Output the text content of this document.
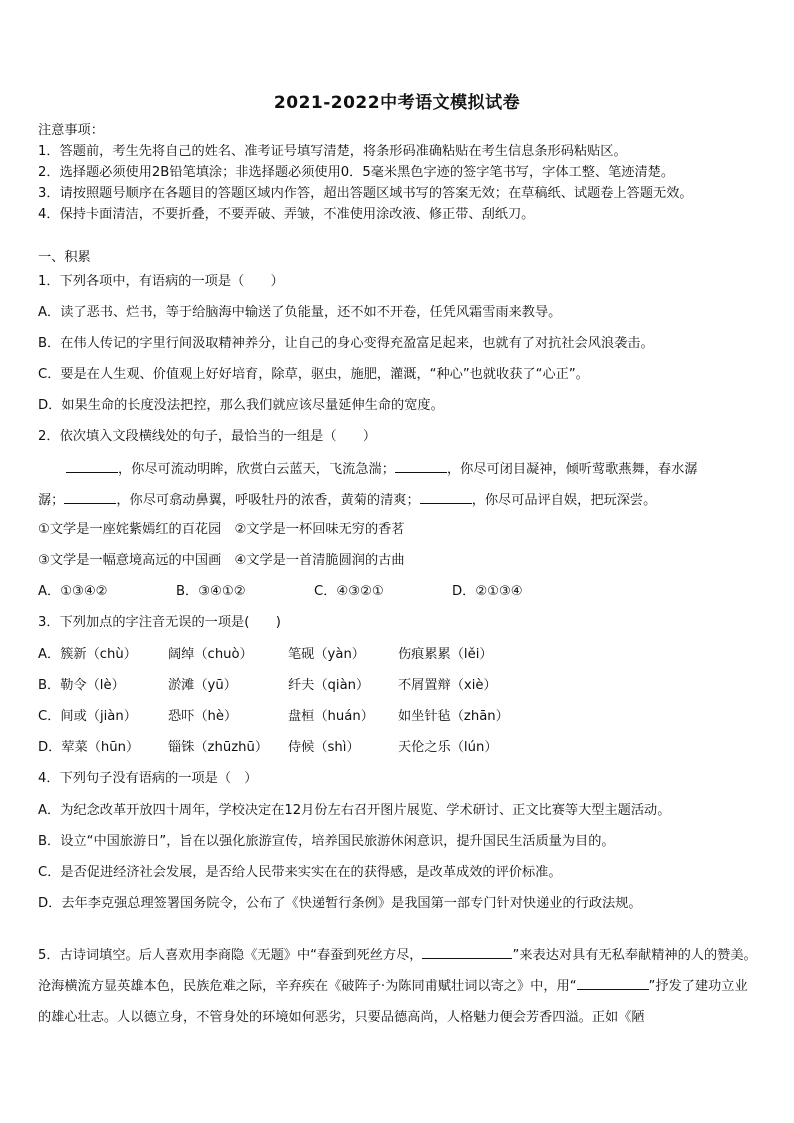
2021-2022中考语文模拟试卷
注意事项：
1．答题前，考生先将自己的姓名、准考证号填写清楚，将条形码准确粘贴在考生信息条形码粘贴区。
2．选择题必须使用2B铅笔填涂；非选择题必须使用0．5毫米黑色字迹的签字笔书写，字体工整、笔迹清楚。
3．请按照题号顺序在各题目的答题区域内作答，超出答题区域书写的答案无效；在草稿纸、试题卷上答题无效。
4．保持卡面清洁，不要折叠，不要弄破、弄皱，不准使用涂改液、修正带、刮纸刀。
一、积累
1．下列各项中，有语病的一项是（　　）
A．读了恶书、烂书，等于给脑海中输送了负能量，还不如不开卷，任凭风霜雪雨来教导。
B．在伟人传记的字里行间汲取精神养分，让自己的身心变得充盈富足起来，也就有了对抗社会风浪袭击。
C．要是在人生观、价值观上好好培育，除草，驱虫，施肥，灌溉，“种心”也就收获了“心正”。
D．如果生命的长度没法把控，那么我们就应该尽量延伸生命的宽度。
2．依次填入文段横线处的句子，最恰当的一组是（　　）
，你尽可流动明眸，欣赏白云蓝天，飞流急湍；	，你尽可闭目凝神，倾听莺歌燕舞，春水潺
潺；	，你尽可翕动鼻翼，呼吸牡丹的浓香，黄菊的清爽；	，你尽可品评自娱，把玩深尝。
①文学是一座姹紫嫣红的百花园　②文学是一杯回味无穷的香茗
③文学是一幅意境高远的中国画　④文学是一首清脆圆润的古曲
A．①③④②	B．③④①②	C．④③②①	D．②①③④
3．下列加点的字注音无误的一项是(　　)
A．簇新（chù） 阔绰（chuò）	笔砚（yàn）	伤痕累累（lěi）
B．勒令（lè）	淤滩（yū）	纤夫（qiàn） 不屑置辩（xiè）
C．间或（jiàn） 恐吓（hè）	盘桓（huán） 如坐针毡（zhān）
D．荤菜（hūn） 锱铢（zhūzhū） 侍候（shì）	天伦之乐（lún）
4．下列句子没有语病的一项是（　）
A．为纪念改革开放四十周年，学校决定在12月份左右召开图片展览、学术研讨、正文比赛等大型主题活动。
B．设立“中国旅游日”，旨在以强化旅游宣传，培养国民旅游休闲意识，提升国民生活质量为目的。
C．是否促进经济社会发展，是否给人民带来实实在在的获得感，是改革成效的评价标准。
D．去年李克强总理签署国务院令，公布了《快递暂行条例》是我国第一部专门针对快递业的行政法规。
5．古诗词填空。后人喜欢用李商隐《无题》中“春蚕到死丝方尽，	”来表达对具有无私奉献精神的人的赞美。沧海横流方显英雄本色，民族危难之际，辛弃疾在《破阵子·为陈同甫赋壮词以寄之》中，用“	”抒发了建功立业的雄心壮志。人以德立身，不管身处的环境如何恶劣，只要品德高尚，人格魅力便会芳香四溢。正如《陋
